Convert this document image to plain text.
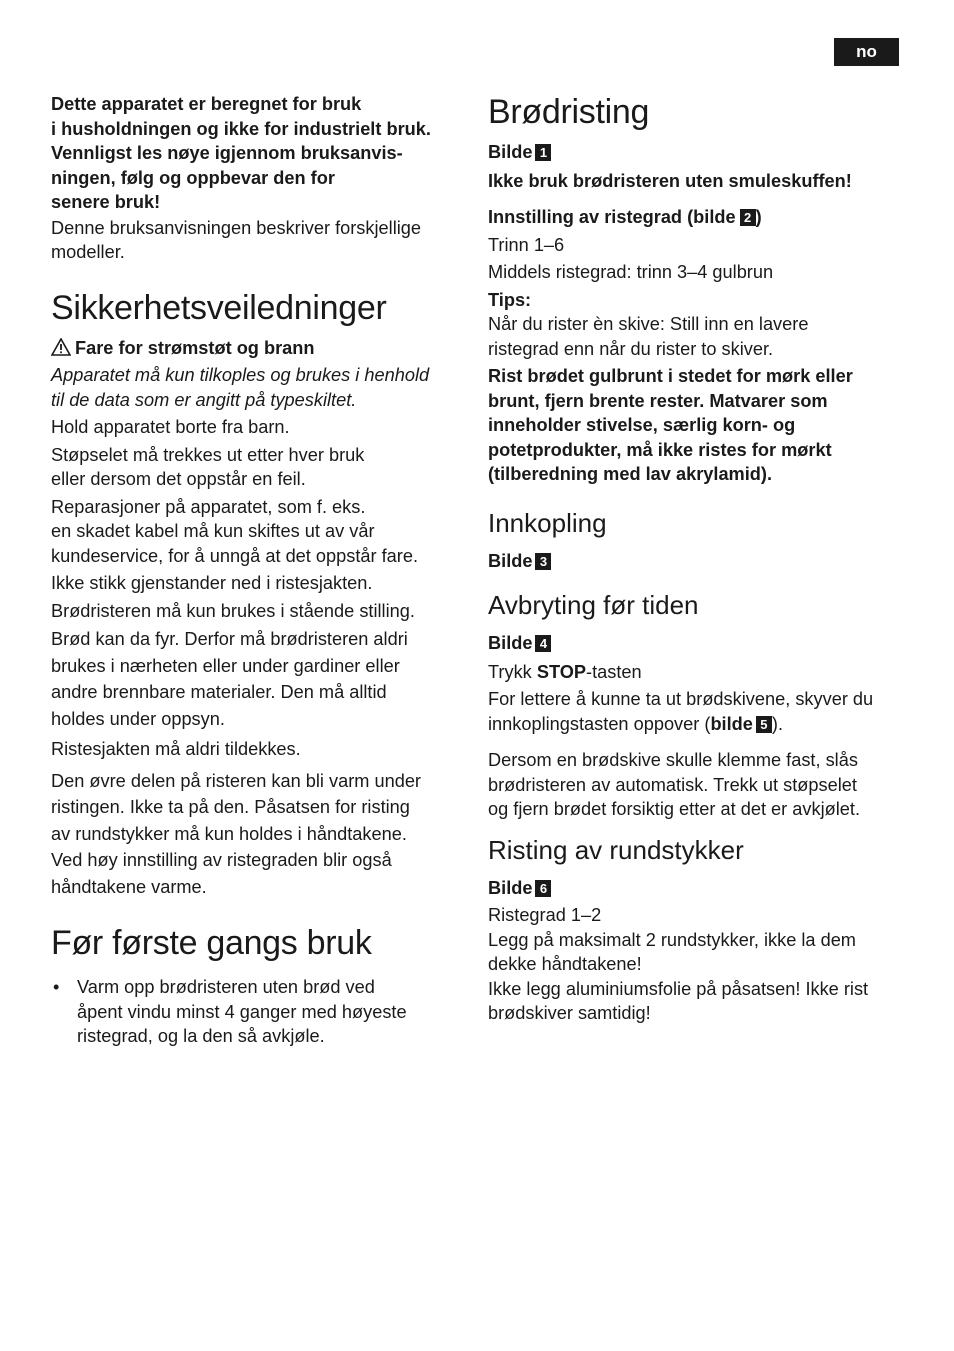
no

Dette apparatet er beregnet for bruk

i husholdningen og ikke for industrielt bruk.

Vennligst les nøye igjennom bruksanvis-

ningen, følg og oppbevar den for

senere bruk!

Denne bruksanvisningen beskriver forskjellige

modeller.

Sikkerhetsveiledninger

Fare for strømstøt og brann

Apparatet må kun tilkoples og brukes i henhold

til de data som er angitt på typeskiltet.

Hold apparatet borte fra barn.

Støpselet må trekkes ut etter hver bruk

eller dersom det oppstår en feil.

Reparasjoner på apparatet, som f. eks.

en skadet kabel må kun skiftes ut av vår

kundeservice, for å unngå at det oppstår fare.

Ikke stikk gjenstander ned i ristesjakten.

Brødristeren må kun brukes i stående stilling.

Brød kan da fyr. Derfor må brødristeren aldri

brukes i nærheten eller under gardiner eller

andre brennbare materialer. Den må alltid

holdes under oppsyn.

Ristesjakten må aldri tildekkes.

Den øvre delen på risteren kan bli varm under

ristingen. Ikke ta på den. Påsatsen for risting

av rundstykker må kun holdes i håndtakene.

Ved høy innstilling av ristegraden blir også

håndtakene varme.

Før første gangs bruk
• Varm opp brødristeren uten brød ved
åpent vindu minst 4 ganger med høyeste
ristegrad, og la den så avkjøle.
Brødristing

Bilde 1

Ikke bruk brødristeren uten smuleskuffen!

Innstilling av ristegrad (bilde 2 )

Trinn 1–6

Middels ristegrad: trinn 3–4 gulbrun

Tips:

Når du rister èn skive: Still inn en lavere

ristegrad enn når du rister to skiver.

Rist brødet gulbrunt i stedet for mørk eller

brunt, fjern brente rester. Matvarer som

inneholder stivelse, særlig korn- og

potetprodukter, må ikke ristes for mørkt

(tilberedning med lav akrylamid).

Innkopling

Bilde 3

Avbryting før tiden

Bilde 4

Trykk STOP-tasten

For lettere å kunne ta ut brødskivene, skyver du

innkoplingstasten oppover (bilde 5 ).

Dersom en brødskive skulle klemme fast, slås

brødristeren av automatisk. Trekk ut støpselet

og fjern brødet forsiktig etter at det er avkjølet.

Risting av rundstykker

Bilde 6

Ristegrad 1–2

Legg på maksimalt 2 rundstykker, ikke la dem

dekke håndtakene!

Ikke legg aluminiumsfolie på påsatsen! Ikke rist

brødskiver samtidig!
